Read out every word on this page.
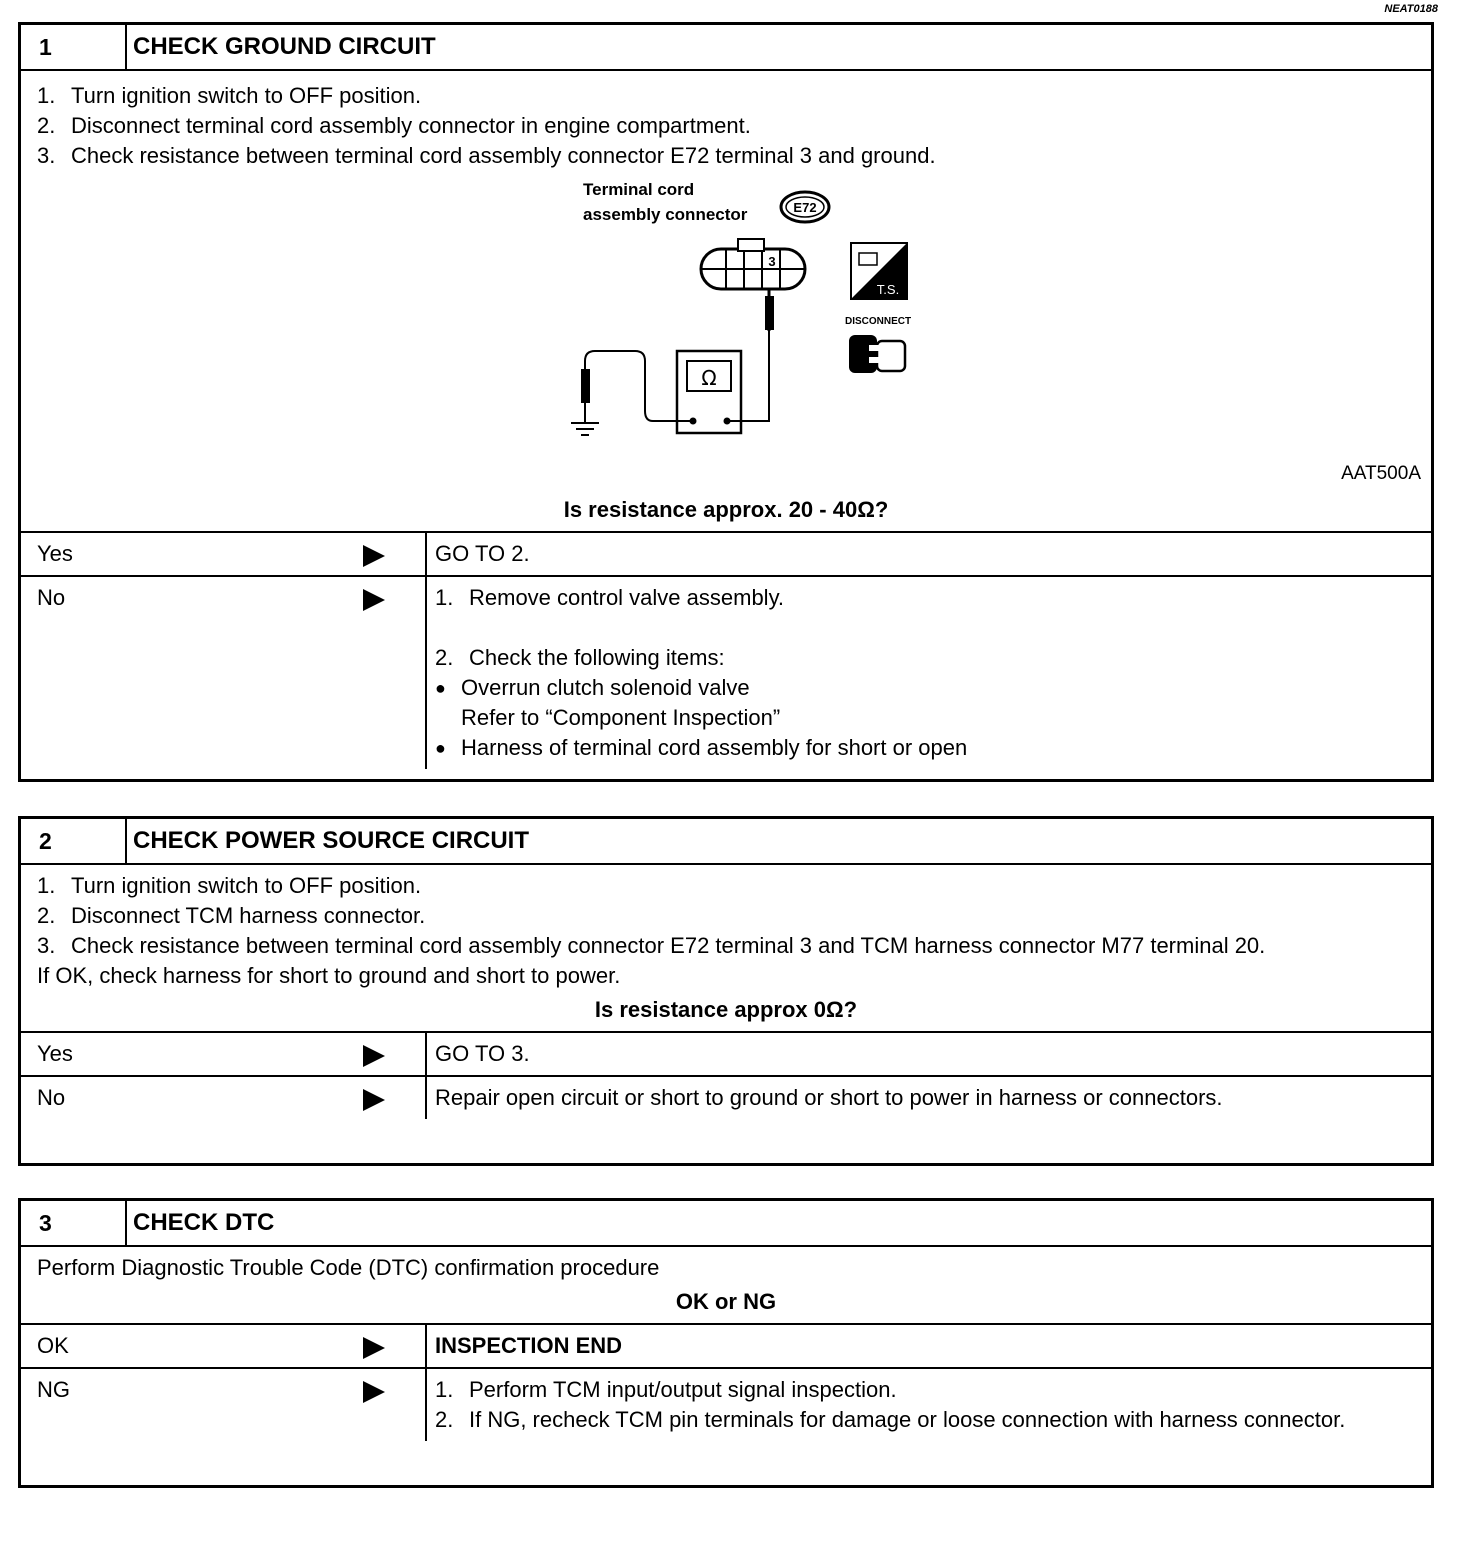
NEAT0188
1	CHECK GROUND CIRCUIT
1. Turn ignition switch to OFF position.
2. Disconnect terminal cord assembly connector in engine compartment.
3. Check resistance between terminal cord assembly connector E72 terminal 3 and ground.
Terminal cord
assembly connector	E72
3
Ω
T.S.
DISCONNECT
AAT500A
Is resistance approx. 20 - 40Ω?
Yes	GO TO 2.
No	1. Remove control valve assembly.
2. Check the following items:
● Overrun clutch solenoid valve
Refer to “Component Inspection”
● Harness of terminal cord assembly for short or open
2	CHECK POWER SOURCE CIRCUIT
1. Turn ignition switch to OFF position.
2. Disconnect TCM harness connector.
3. Check resistance between terminal cord assembly connector E72 terminal 3 and TCM harness connector M77 terminal 20.
If OK, check harness for short to ground and short to power.
Is resistance approx 0Ω?
Yes	GO TO 3.
No	Repair open circuit or short to ground or short to power in harness or connectors.
3	CHECK DTC
Perform Diagnostic Trouble Code (DTC) confirmation procedure
OK or NG
OK	INSPECTION END
NG	1. Perform TCM input/output signal inspection.
2. If NG, recheck TCM pin terminals for damage or loose connection with harness connector.
